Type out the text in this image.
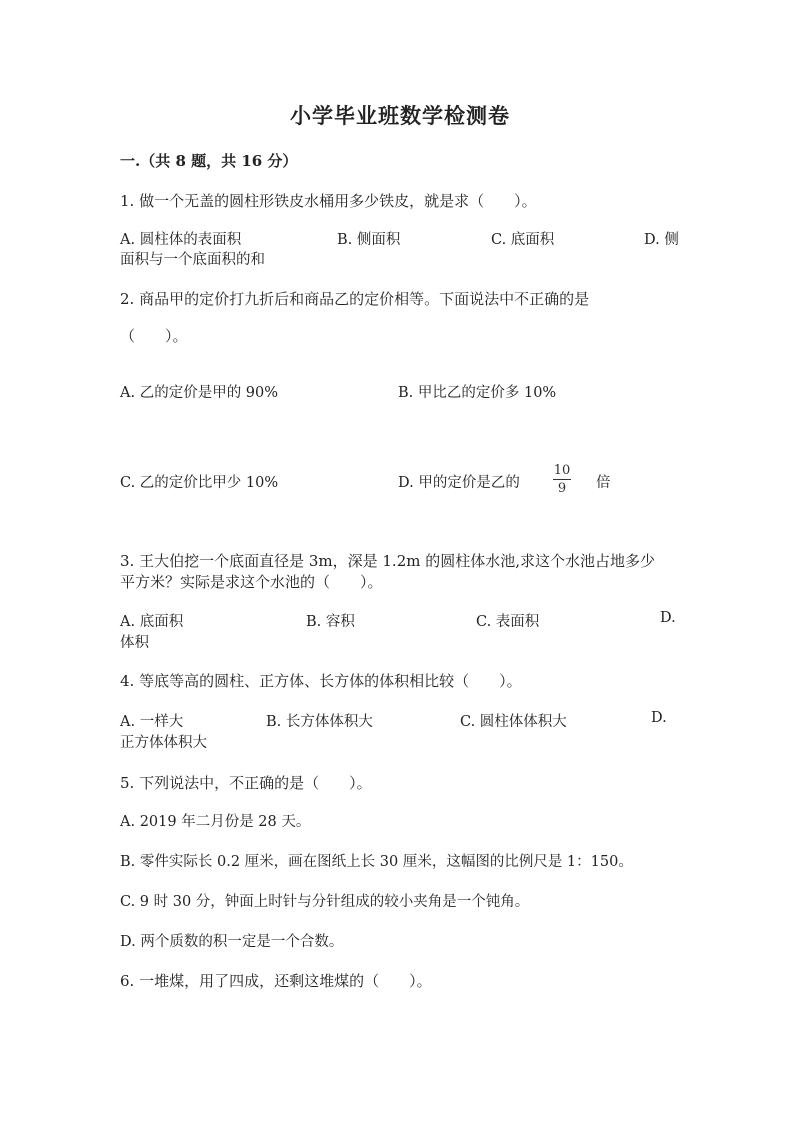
小学毕业班数学检测卷
一.（共 8 题，共 16 分）
1. 做一个无盖的圆柱形铁皮水桶用多少铁皮，就是求（　　）。
A. 圆柱体的表面积	B. 侧面积	C. 底面积	D. 侧
面积与一个底面积的和
2. 商品甲的定价打九折后和商品乙的定价相等。下面说法中不正确的是
（　　）。
A. 乙的定价是甲的 90%	B. 甲比乙的定价多 10%
C. 乙的定价比甲少 10%	D. 甲的定价是乙的
10
9	倍
3. 王大伯挖一个底面直径是 3m，深是 1.2m 的圆柱体水池,求这个水池占地多少
平方米？实际是求这个水池的（　　）。
A. 底面积	B. 容积	C. 表面积	D.
体积
4. 等底等高的圆柱、正方体、长方体的体积相比较（　　）。
A. 一样大	B. 长方体体积大	C. 圆柱体体积大	D.
正方体体积大
5. 下列说法中，不正确的是（　　）。
A. 2019 年二月份是 28 天。
B. 零件实际长 0.2 厘米，画在图纸上长 30 厘米，这幅图的比例尺是 1：150。
C. 9 时 30 分，钟面上时针与分针组成的较小夹角是一个钝角。
D. 两个质数的积一定是一个合数。
6. 一堆煤，用了四成，还剩这堆煤的（　　）。
